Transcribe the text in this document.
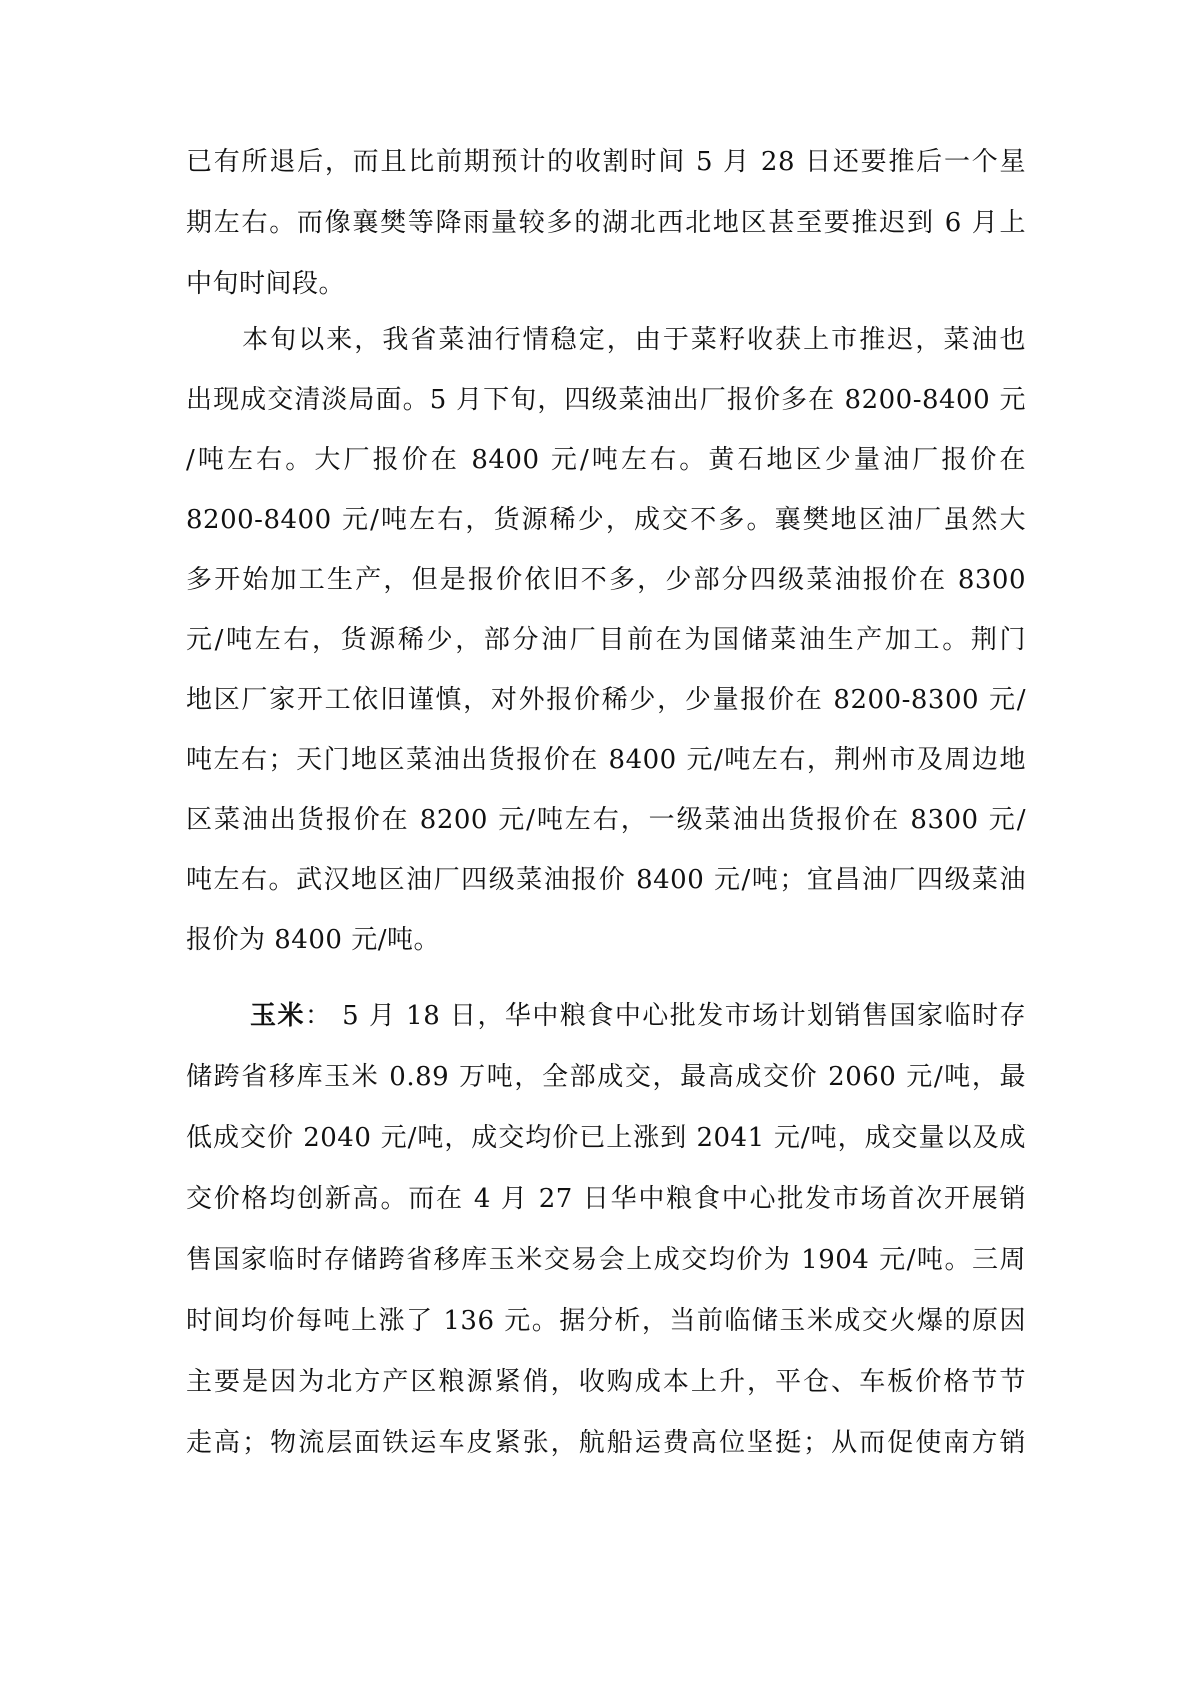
已有所退后，而且比前期预计的收割时间 5 月 28 日还要推后一个星
期左右。而像襄樊等降雨量较多的湖北西北地区甚至要推迟到 6 月上
中旬时间段。
　　本旬以来，我省菜油行情稳定，由于菜籽收获上市推迟，菜油也
出现成交清淡局面。5 月下旬，四级菜油出厂报价多在 8200-8400 元
/吨左右。大厂报价在 8400 元/吨左右。黄石地区少量油厂报价在
8200-8400 元/吨左右，货源稀少，成交不多。襄樊地区油厂虽然大
多开始加工生产，但是报价依旧不多，少部分四级菜油报价在 8300
元/吨左右，货源稀少，部分油厂目前在为国储菜油生产加工。荆门
地区厂家开工依旧谨慎，对外报价稀少，少量报价在 8200-8300 元/
吨左右；天门地区菜油出货报价在 8400 元/吨左右，荆州市及周边地
区菜油出货报价在 8200 元/吨左右，一级菜油出货报价在 8300 元/
吨左右。武汉地区油厂四级菜油报价 8400 元/吨；宜昌油厂四级菜油
报价为 8400 元/吨。
玉米： 5 月 18 日，华中粮食中心批发市场计划销售国家临时存
储跨省移库玉米 0.89 万吨，全部成交，最高成交价 2060 元/吨，最
低成交价 2040 元/吨，成交均价已上涨到 2041 元/吨，成交量以及成
交价格均创新高。而在 4 月 27 日华中粮食中心批发市场首次开展销
售国家临时存储跨省移库玉米交易会上成交均价为 1904 元/吨。三周
时间均价每吨上涨了 136 元。据分析，当前临储玉米成交火爆的原因
主要是因为北方产区粮源紧俏，收购成本上升，平仓、车板价格节节
走高；物流层面铁运车皮紧张，航船运费高位坚挺；从而促使南方销
